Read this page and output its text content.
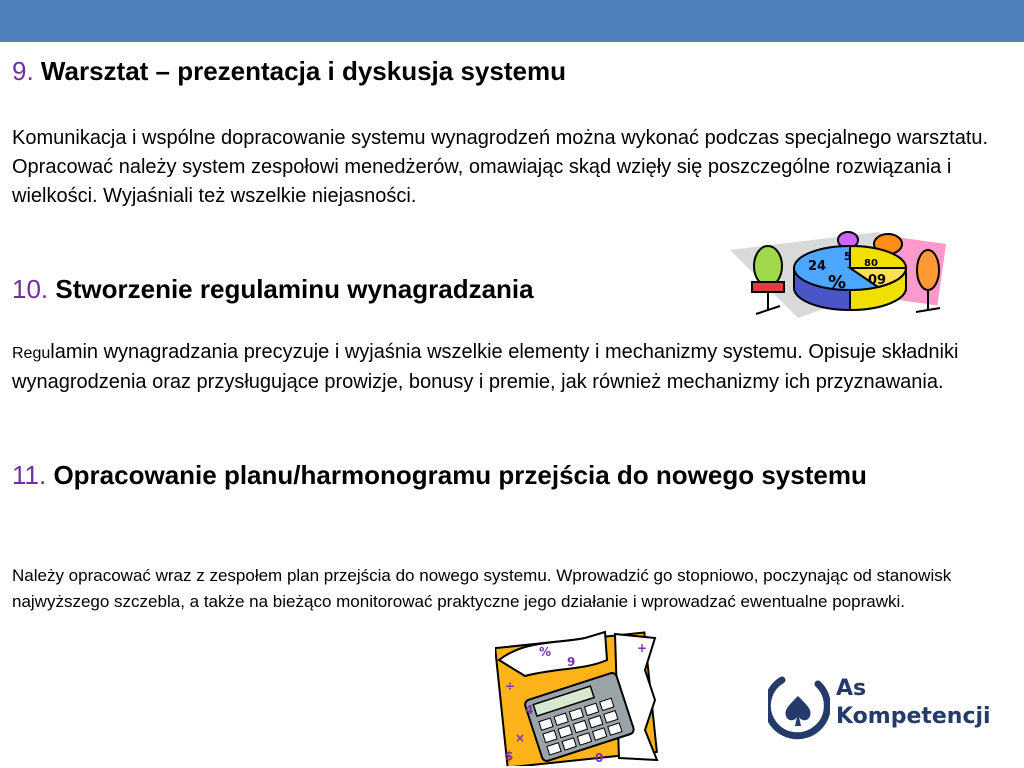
9. Warsztat – prezentacja i dyskusja systemu

Komunikacja i wspólne dopracowanie systemu wynagrodzeń można wykonać podczas specjalnego warsztatu. Opracować należy system zespołowi menedżerów, omawiając skąd wzięły się poszczególne rozwiązania i wielkości. Wyjaśniali też wszelkie niejasności.

10. Stworzenie regulaminu wynagradzania

Regulamin wynagradzania precyzuje i wyjaśnia wszelkie elementy i mechanizmy systemu. Opisuje składniki wynagrodzenia oraz przysługujące prowizje, bonusy i premie, jak również mechanizmy ich przyznawania.

11. Opracowanie planu/harmonogramu przejścia do nowego systemu

Należy opracować wraz z zespołem plan przejścia do nowego systemu. Wprowadzić go stopniowo, poczynając od stanowisk najwyższego szczebla, a także na bieżąco monitorować praktyczne jego działanie i wprowadzać ewentualne poprawki.

24
%
80
09
5
%
÷
+
×
9
4
0
$
As
Kompetencji
